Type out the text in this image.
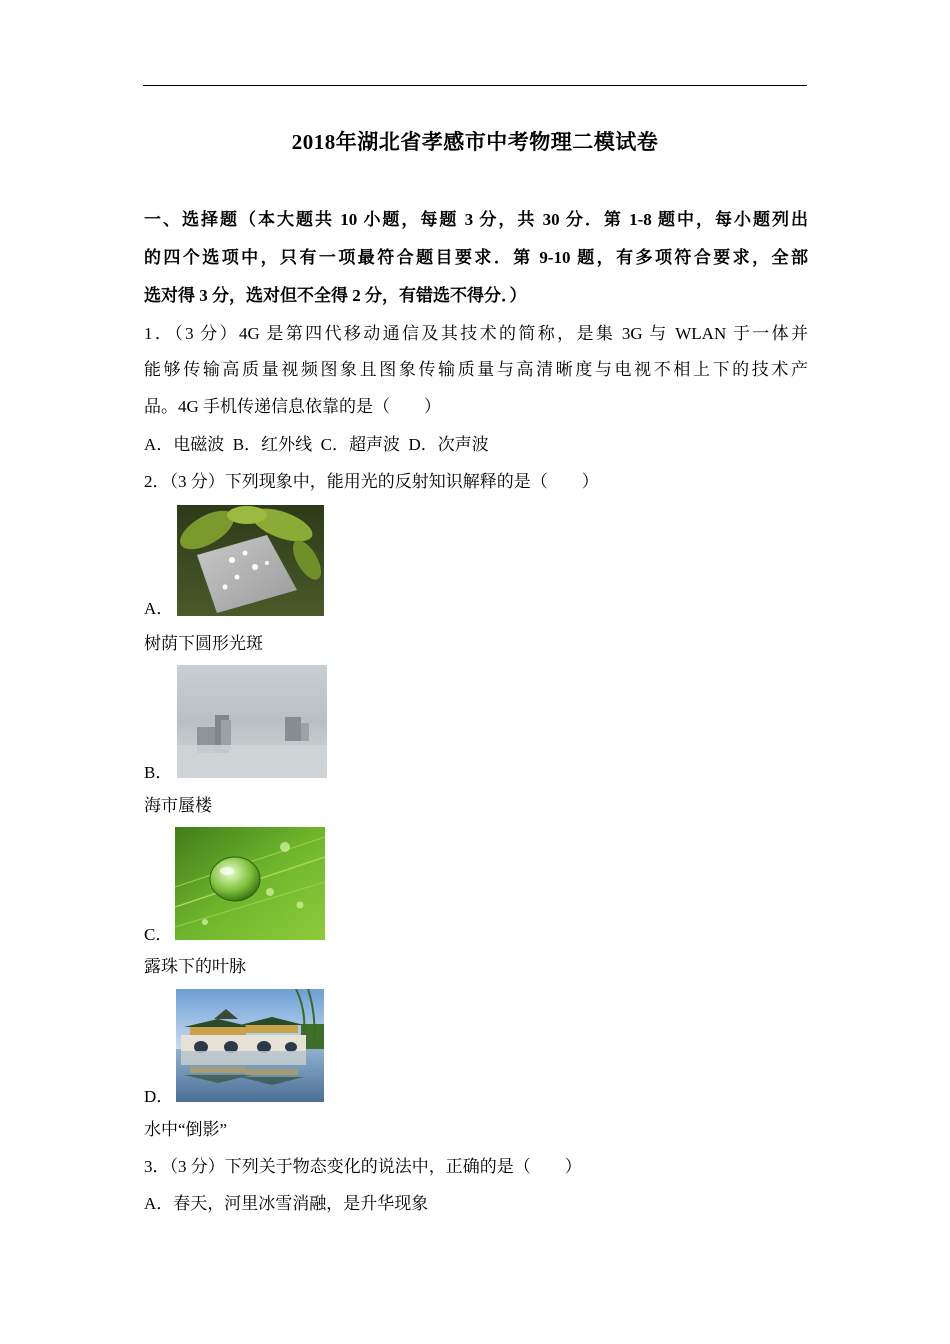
2018年湖北省孝感市中考物理二模试卷
一、选择题（本大题共 10 小题，每题 3 分，共 30 分．第 1-8 题中，每小题列出
的四个选项中，只有一项最符合题目要求．第 9-10 题，有多项符合要求，全部
选对得 3 分，选对但不全得 2 分，有错选不得分．）
1．（3 分）4G 是第四代移动通信及其技术的简称，是集 3G 与 WLAN 于一体并
能够传输高质量视频图象且图象传输质量与高清晰度与电视不相上下的技术产
品。4G 手机传递信息依靠的是（　　）
A．电磁波  B．红外线  C．超声波  D．次声波
2．（3 分）下列现象中，能用光的反射知识解释的是（　　）
A．
树荫下圆形光斑
B．
海市蜃楼
C．
露珠下的叶脉
D．
水中“倒影”
3．（3 分）下列关于物态变化的说法中，正确的是（　　）
A．春天，河里冰雪消融，是升华现象
